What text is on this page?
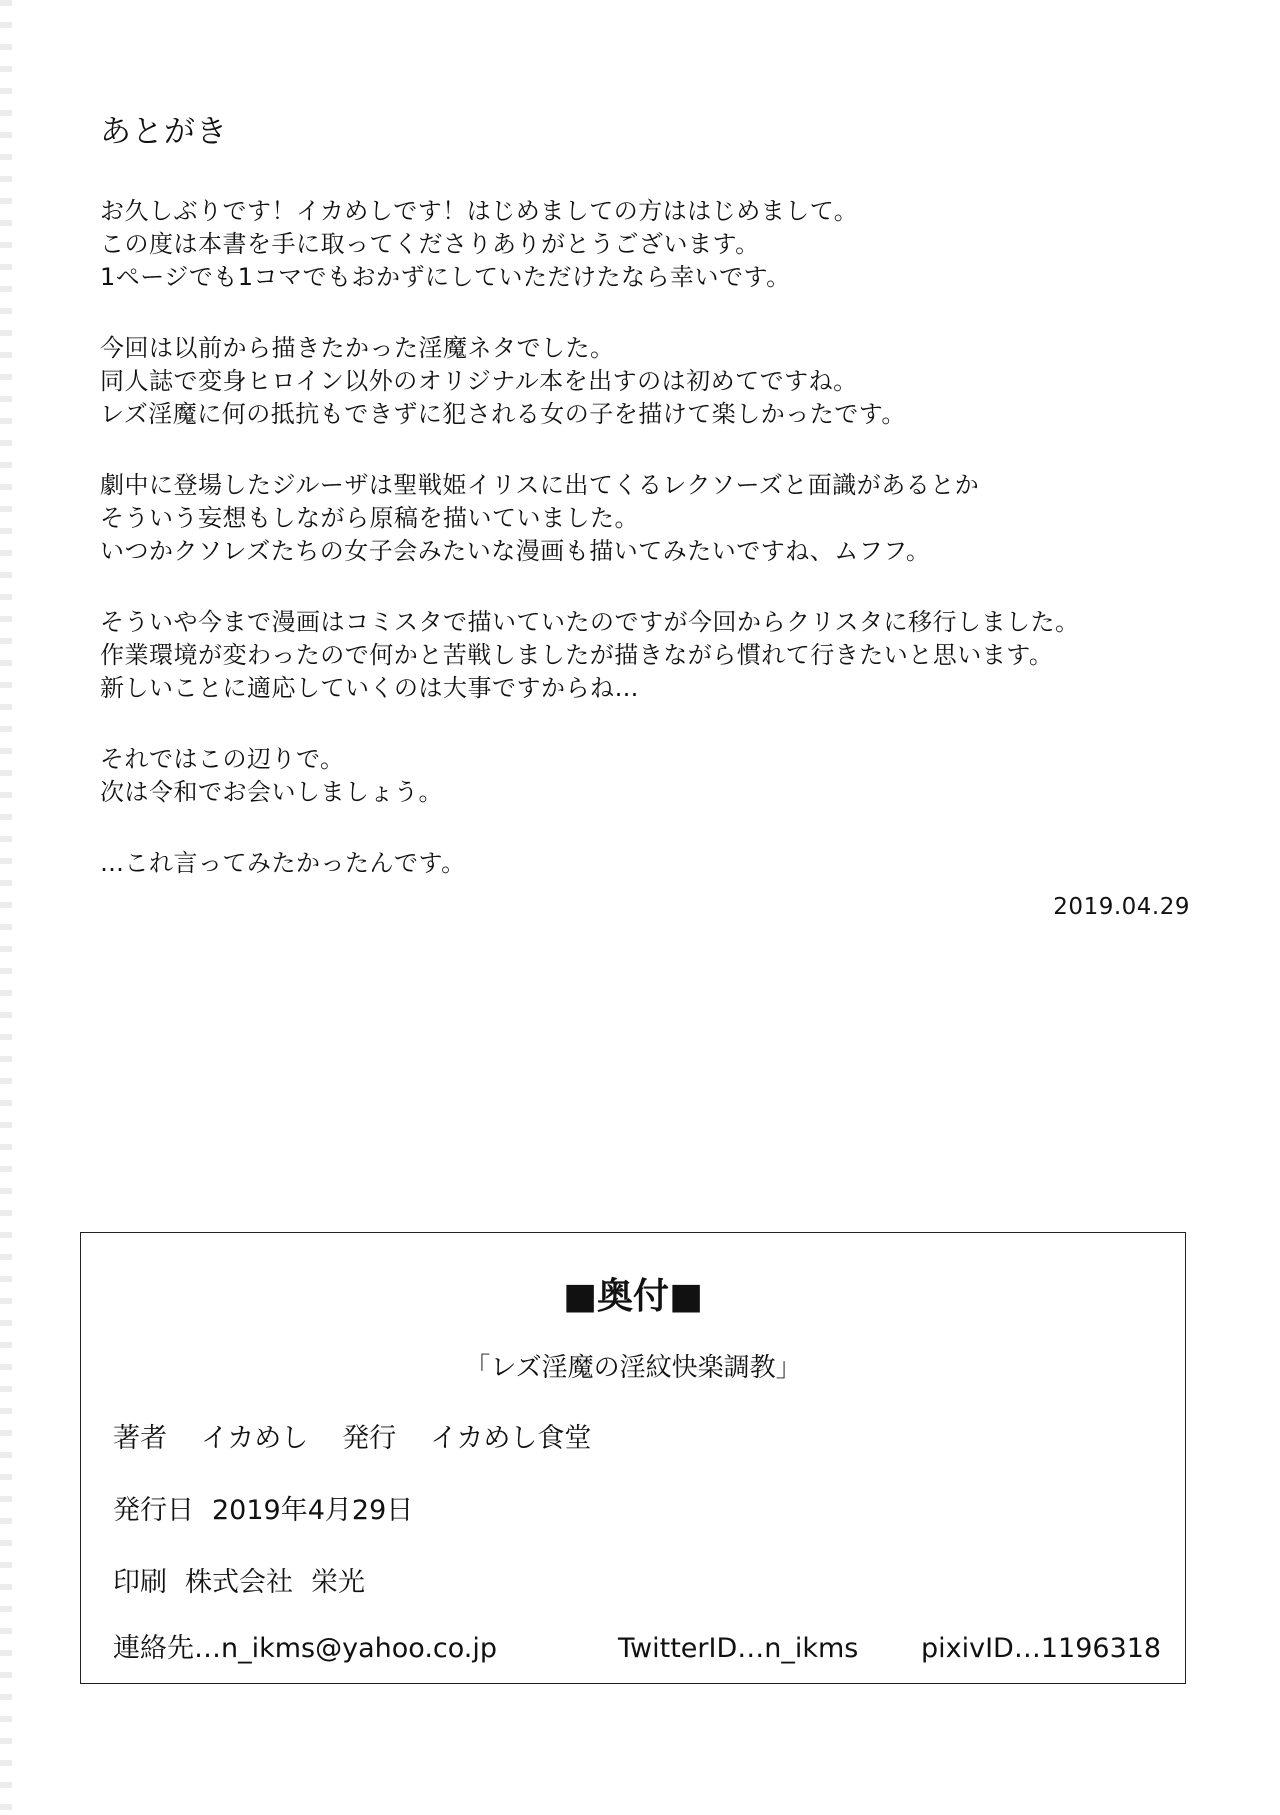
あとがき
お久しぶりです！イカめしです！はじめましての方ははじめまして。
この度は本書を手に取ってくださりありがとうございます。
1ページでも1コマでもおかずにしていただけたなら幸いです。
今回は以前から描きたかった淫魔ネタでした。
同人誌で変身ヒロイン以外のオリジナル本を出すのは初めてですね。
レズ淫魔に何の抵抗もできずに犯される女の子を描けて楽しかったです。
劇中に登場したジルーザは聖戦姫イリスに出てくるレクソーズと面識があるとか
そういう妄想もしながら原稿を描いていました。
いつかクソレズたちの女子会みたいな漫画も描いてみたいですね、ムフフ。
そういや今まで漫画はコミスタで描いていたのですが今回からクリスタに移行しました。
作業環境が変わったので何かと苦戦しましたが描きながら慣れて行きたいと思います。
新しいことに適応していくのは大事ですからね…
それではこの辺りで。
次は令和でお会いしましょう。
…これ言ってみたかったんです。
2019.04.29
■奥付■
「レズ淫魔の淫紋快楽調教」
著者 イカめし 発行 イカめし食堂
発行日 2019年4月29日
印刷 株式会社 栄光
連絡先…n_ikms@yahoo.co.jp	TwitterID…n_ikms pixivID…1196318
